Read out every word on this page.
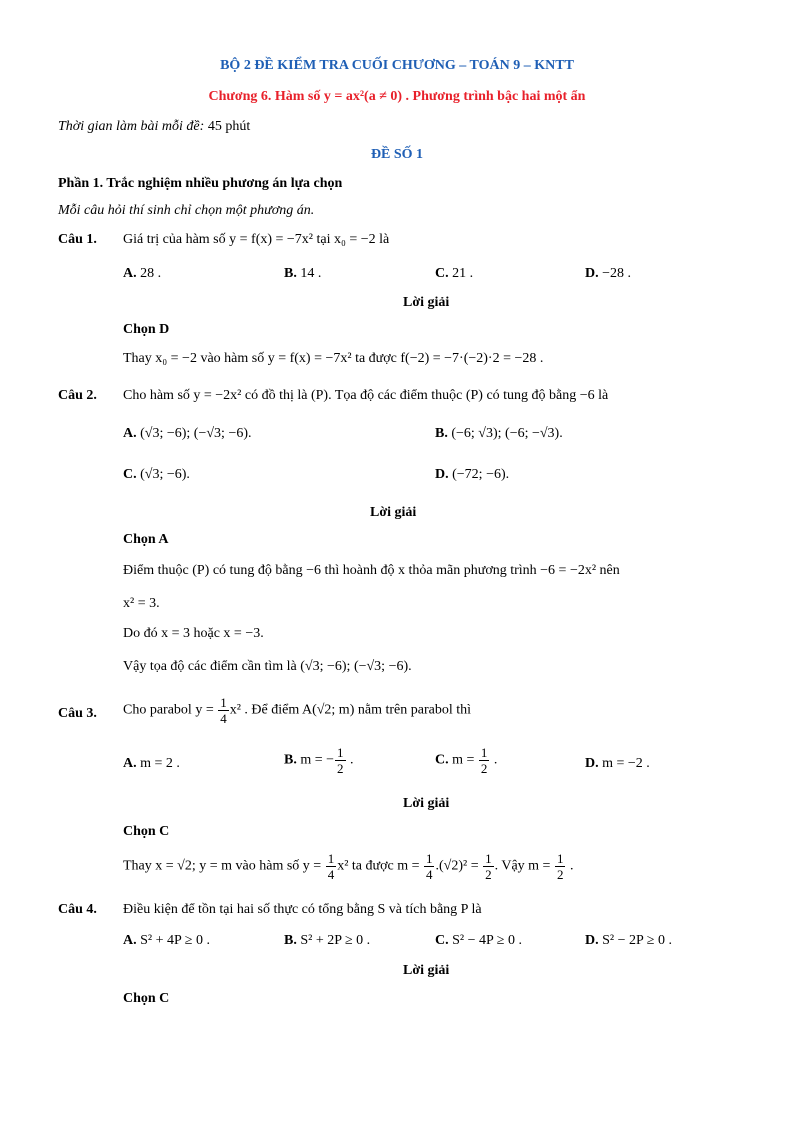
BỘ 2 ĐỀ KIỂM TRA CUỐI CHƯƠNG – TOÁN 9 – KNTT
Chương 6. Hàm số y = ax²(a ≠ 0) . Phương trình bậc hai một ẩn
Thời gian làm bài mỗi đề: 45 phút
ĐỀ SỐ 1
Phần 1. Trắc nghiệm nhiều phương án lựa chọn
Mỗi câu hỏi thí sinh chỉ chọn một phương án.
Câu 1. Giá trị của hàm số y = f(x) = −7x² tại x₀ = −2 là
A. 28 .	B. 14 .	C. 21 .	D. −28 .
Lời giải
Chọn D
Thay x₀ = −2 vào hàm số y = f(x) = −7x² ta được f(−2) = −7·(−2)·2 = −28 .
Câu 2. Cho hàm số y = −2x² có đồ thị là (P). Tọa độ các điểm thuộc (P) có tung độ bằng −6 là
A. (√3; −6); (−√3; −6).	B. (−6; √3); (−6; −√3).
C. (√3; −6).	D. (−72; −6).
Lời giải
Chọn A
Điểm thuộc (P) có tung độ bằng −6 thì hoành độ x thỏa mãn phương trình −6 = −2x² nên
x² = 3.
Do đó x = 3 hoặc x = −3.
Vậy tọa độ các điểm cần tìm là (√3; −6); (−√3; −6).
Câu 3. Cho parabol $y = \frac{1}{4} x^2$ . Để điểm A(√2; m) nằm trên parabol thì
A. m = 2 .	B. m = − $\frac{1}{2}$ .	C. $m = \frac{1}{2}$ .	D. m = −2 .
Lời giải
Chọn C
Thay x = √2; y = m vào hàm số $y = \frac{1}{4} x^2$ ta được $m = \frac{1}{4} .(√2)^2 = \frac{1}{2}$ . Vậy $m = \frac{1}{2}$ .
Câu 4. Điều kiện để tồn tại hai số thực có tổng bằng S và tích bằng P là
A. S² + 4P ≥ 0 .	B. S² + 2P ≥ 0 .	C. S² − 4P ≥ 0 .	D. S² − 2P ≥ 0 .
Lời giải
Chọn C
